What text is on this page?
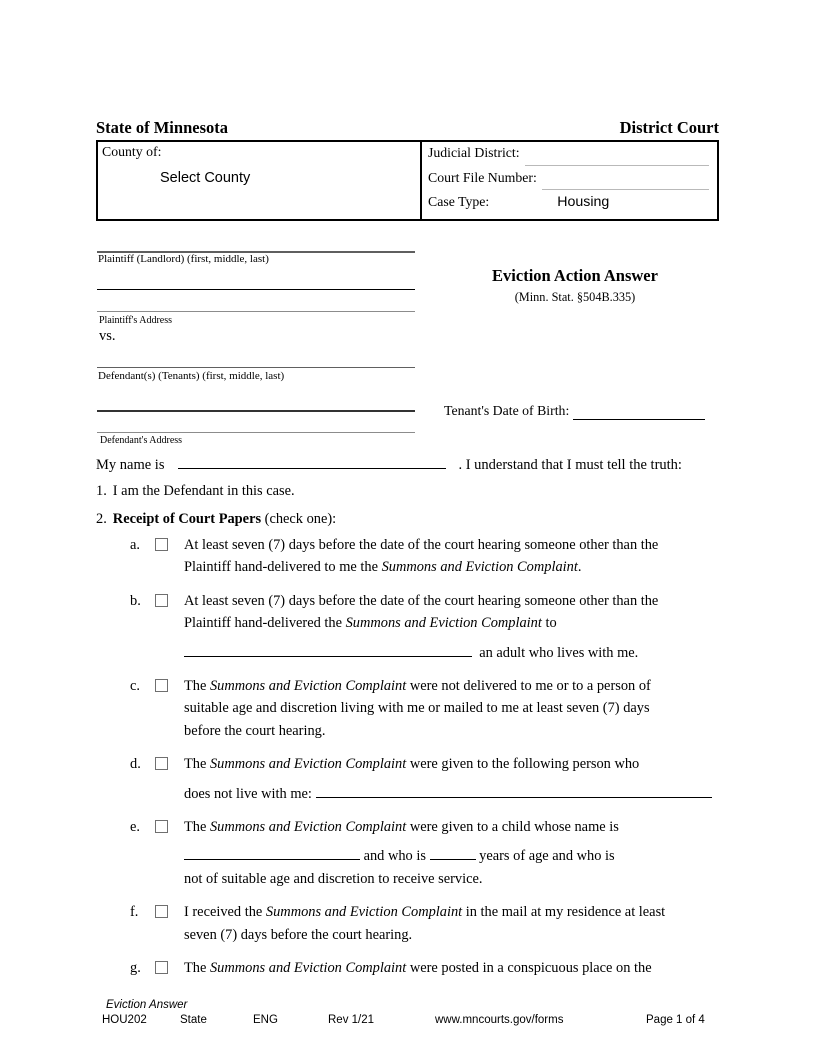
State of Minnesota	District Court
County of:
Select County
Judicial District:
Court File Number:
Case Type:	Housing
Plaintiff (Landlord) (first, middle, last)
Plaintiff's Address
vs.
Defendant(s) (Tenants) (first, middle, last)
Defendant's Address
Eviction Action Answer
(Minn. Stat. §504B.335)
Tenant's Date of Birth:
My name is	. I understand that I must tell the truth:
1. I am the Defendant in this case.
2. Receipt of Court Papers (check one):
a.	At least seven (7) days before the date of the court hearing someone other than the
Plaintiff hand-delivered to me the Summons and Eviction Complaint.
b.	At least seven (7) days before the date of the court hearing someone other than the
Plaintiff hand-delivered the Summons and Eviction Complaint to
an adult who lives with me.
c.	The Summons and Eviction Complaint were not delivered to me or to a person of
suitable age and discretion living with me or mailed to me at least seven (7) days
before the court hearing.
d.	The Summons and Eviction Complaint were given to the following person who
does not live with me:
e.	The Summons and Eviction Complaint were given to a child whose name is
and who is	years of age and who is
not of suitable age and discretion to receive service.
f.	I received the Summons and Eviction Complaint in the mail at my residence at least
seven (7) days before the court hearing.
g.	The Summons and Eviction Complaint were posted in a conspicuous place on the
Eviction Answer
HOU202	State	ENG	Rev 1/21	www.mncourts.gov/forms	Page 1 of 4
